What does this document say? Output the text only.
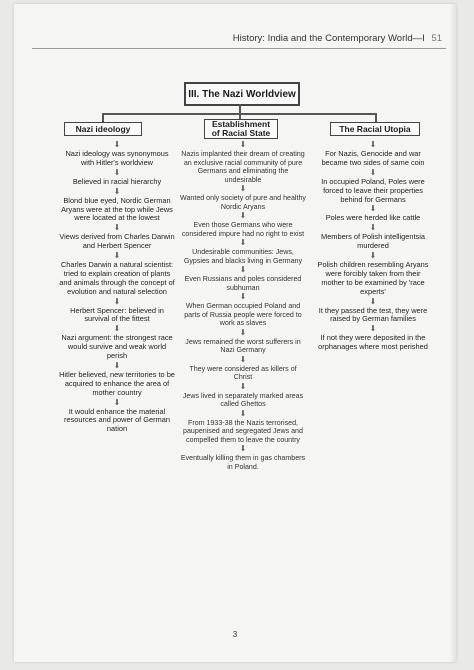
History: India and the Contemporary World—I 51
III. The Nazi Worldview
Nazi ideology	Establishment of Racial State	The Racial Utopia
⬇
Nazi ideology was synonymous with Hitler's worldview
⬇
Believed in racial hierarchy
⬇
Blond blue eyed, Nordic German Aryans were at the top while Jews were located at the lowest
⬇
Views derived from Charles Darwin and Herbert Spencer
⬇
Charles Darwin a natural scientist: tried to explain creation of plants and animals through the concept of evolution and natural selection
⬇
Herbert Spencer: believed in survival of the fittest
⬇
Nazi argument: the strongest race would survive and weak world perish
⬇
Hitler believed, new territories to be acquired to enhance the area of mother country
⬇
It would enhance the material resources and power of German nation
⬇
Nazis implanted their dream of creating an exclusive racial community of pure Germans and eliminating the undesirable
⬇
Wanted only society of pure and healthy Nordic Aryans
⬇
Even those Germans who were considered impure had no right to exist
⬇
Undesirable communities: Jews, Gypsies and blacks living in Germany
⬇
Even Russians and poles considered subhuman
⬇
When German occupied Poland and parts of Russia people were forced to work as slaves
⬇
Jews remained the worst sufferers in Nazi Germany
⬇
They were considered as killers of Christ
⬇
Jews lived in separately marked areas called Ghettos
⬇
From 1933-38 the Nazis terrorised, paupenised and segregated Jews and compelled them to leave the country
⬇
Eventually killing them in gas chambers in Poland.
⬇
For Nazis, Genocide and war became two sides of same coin
⬇
In occupied Poland, Poles were forced to leave their properties behind for Germans
⬇
Poles were herded like cattle
⬇
Members of Polish intelligentsia murdered
⬇
Polish children resembling Aryans were forcibly taken from their mother to be examined by 'race experts'
⬇
It they passed the test, they were raised by German families
⬇
If not they were deposited in the orphanages where most perished
3
